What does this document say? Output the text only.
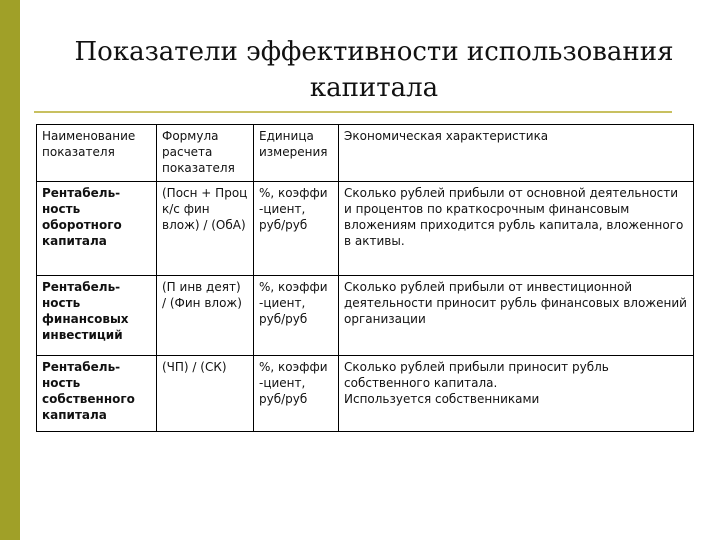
Показатели эффективности использования
капитала
Наименование показателя	Формула расчета показателя	Единица измерения	Экономическая характеристика
Рентабель-ность оборотного капитала	(Посн + Проц к/с фин влож) / (ОбА)	%, коэффи -циент, руб/руб	Сколько рублей прибыли от основной деятельности и процентов по краткосрочным финансовым вложениям приходится рубль капитала, вложенного в активы.
Рентабель-ность финансовых инвестиций	(П инв деят) / (Фин влож)	%, коэффи -циент, руб/руб	Сколько рублей прибыли от инвестиционной деятельности приносит рубль финансовых вложений организации
Рентабель-ность собственного капитала	(ЧП) / (СК)	%, коэффи -циент, руб/руб	Сколько рублей прибыли приносит рубль собственного капитала.
Используется собственниками
